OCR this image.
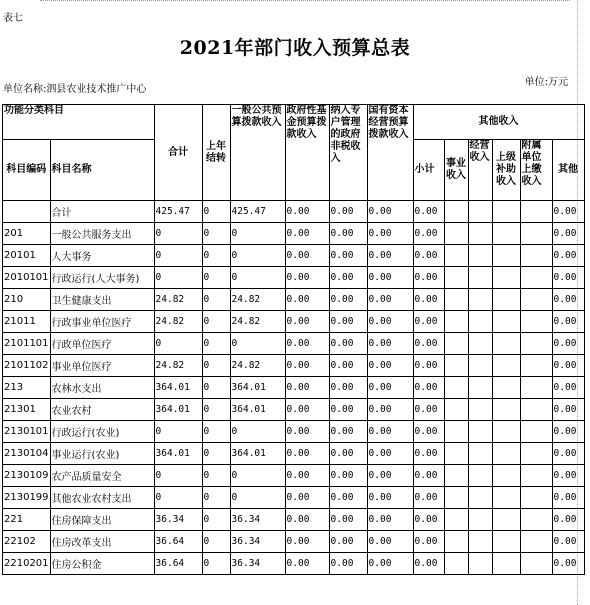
表七
2021年部门收入预算总表
单位名称:泗县农业技术推广中心
单位:万元
功能分类科目		合计	上年结转	一般公共预算拨款收入	政府性基金预算拨款收入	纳入专户管理的政府非税收入	国有资本经营预算拨款收入	其他收入					
科目编码	科目名称							小计	事业收入	经营收入	上级补助收入	附属单位上缴收入	其他
	合计	425.47	0	425.47	0.00	0.00	0.00	0.00					0.00
201	一般公共服务支出	0	0	0	0.00	0.00	0.00	0.00					0.00
20101	人大事务	0	0	0	0.00	0.00	0.00	0.00					0.00
2010101	行政运行(人大事务)	0	0	0	0.00	0.00	0.00	0.00					0.00
210	卫生健康支出	24.82	0	24.82	0.00	0.00	0.00	0.00					0.00
21011	行政事业单位医疗	24.82	0	24.82	0.00	0.00	0.00	0.00					0.00
2101101	行政单位医疗	0	0	0	0.00	0.00	0.00	0.00					0.00
2101102	事业单位医疗	24.82	0	24.82	0.00	0.00	0.00	0.00					0.00
213	农林水支出	364.01	0	364.01	0.00	0.00	0.00	0.00					0.00
21301	农业农村	364.01	0	364.01	0.00	0.00	0.00	0.00					0.00
2130101	行政运行(农业)	0	0	0	0.00	0.00	0.00	0.00					0.00
2130104	事业运行(农业)	364.01	0	364.01	0.00	0.00	0.00	0.00					0.00
2130109	农产品质量安全	0	0	0	0.00	0.00	0.00	0.00					0.00
2130199	其他农业农村支出	0	0	0	0.00	0.00	0.00	0.00					0.00
221	住房保障支出	36.34	0	36.34	0.00	0.00	0.00	0.00					0.00
22102	住房改革支出	36.64	0	36.34	0.00	0.00	0.00	0.00					0.00
2210201	住房公积金	36.64	0	36.34	0.00	0.00	0.00	0.00					0.00
